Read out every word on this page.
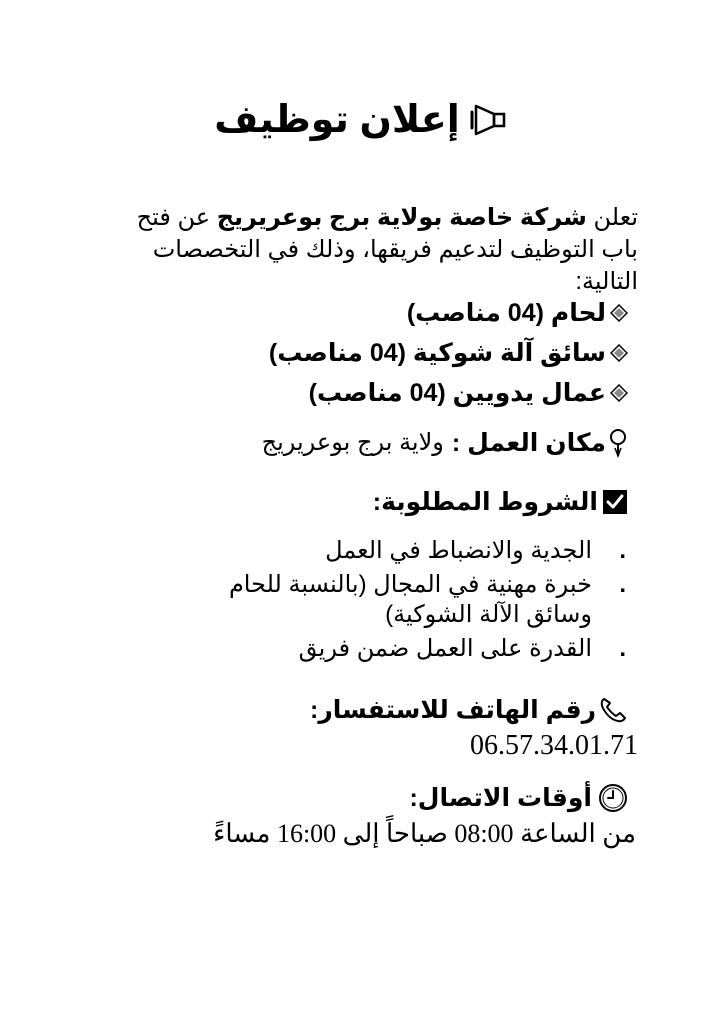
إعلان توظيف
تعلن شركة خاصة بولاية برج بوعريريج عن فتح باب التوظيف لتدعيم فريقها، وذلك في التخصصات التالية:
لحام (04 مناصب)
سائق آلة شوكية (04 مناصب)
عمال يدويين (04 مناصب)
مكان العمل :
ولاية برج بوعريريج
الشروط المطلوبة:
.
الجدية والانضباط في العمل
.
خبرة مهنية في المجال (بالنسبة للحام وسائق الآلة الشوكية)
.
القدرة على العمل ضمن فريق
رقم الهاتف للاستفسار:
06.57.34.01.71
أوقات الاتصال:
من الساعة 08:00 صباحاً إلى 16:00 مساءً
